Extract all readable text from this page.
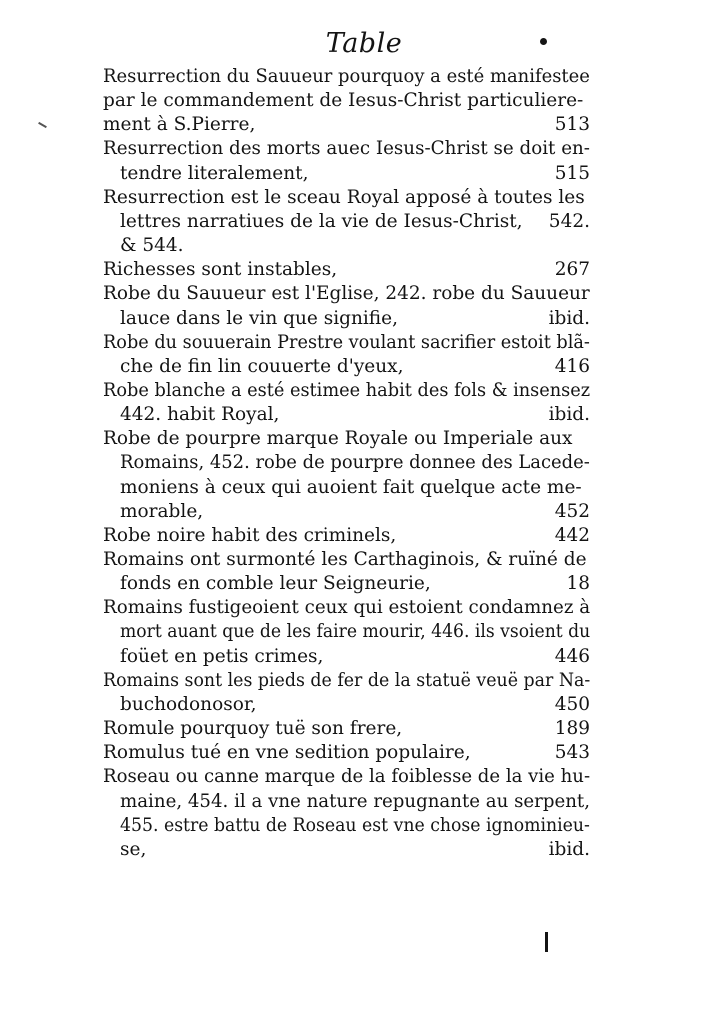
Table
Resurrection du Sauueur pourquoy a esté manifestee
par le commandement de Iesus-Christ particuliere-
ment à S.Pierre,	513
Resurrection des morts auec Iesus-Christ se doit en-
tendre literalement,	515
Resurrection est le sceau Royal apposé à toutes les
lettres narratiues de la vie de Iesus-Christ, 542.
& 544.
Richesses sont instables,	267
Robe du Sauueur est l'Eglise, 242. robe du Sauueur
lauce dans le vin que signifie,	ibid.
Robe du souuerain Prestre voulant sacrifier estoit blã-
che de fin lin couuerte d'yeux,	416
Robe blanche a esté estimee habit des fols & insensez
442. habit Royal,	ibid.
Robe de pourpre marque Royale ou Imperiale aux
Romains, 452. robe de pourpre donnee des Lacede-
moniens à ceux qui auoient fait quelque acte me-
morable,	452
Robe noire habit des criminels,	442
Romains ont surmonté les Carthaginois, & ruïné de
fonds en comble leur Seigneurie,	18
Romains fustigeoient ceux qui estoient condamnez à
mort auant que de les faire mourir, 446. ils vsoient du
foüet en petis crimes,	446
Romains sont les pieds de fer de la statuë veuë par Na-
buchodonosor,	450
Romule pourquoy tuë son frere,	189
Romulus tué en vne sedition populaire,	543
Roseau ou canne marque de la foiblesse de la vie hu-
maine, 454. il a vne nature repugnante au serpent,
455. estre battu de Roseau est vne chose ignominieu-
se,	ibid.
